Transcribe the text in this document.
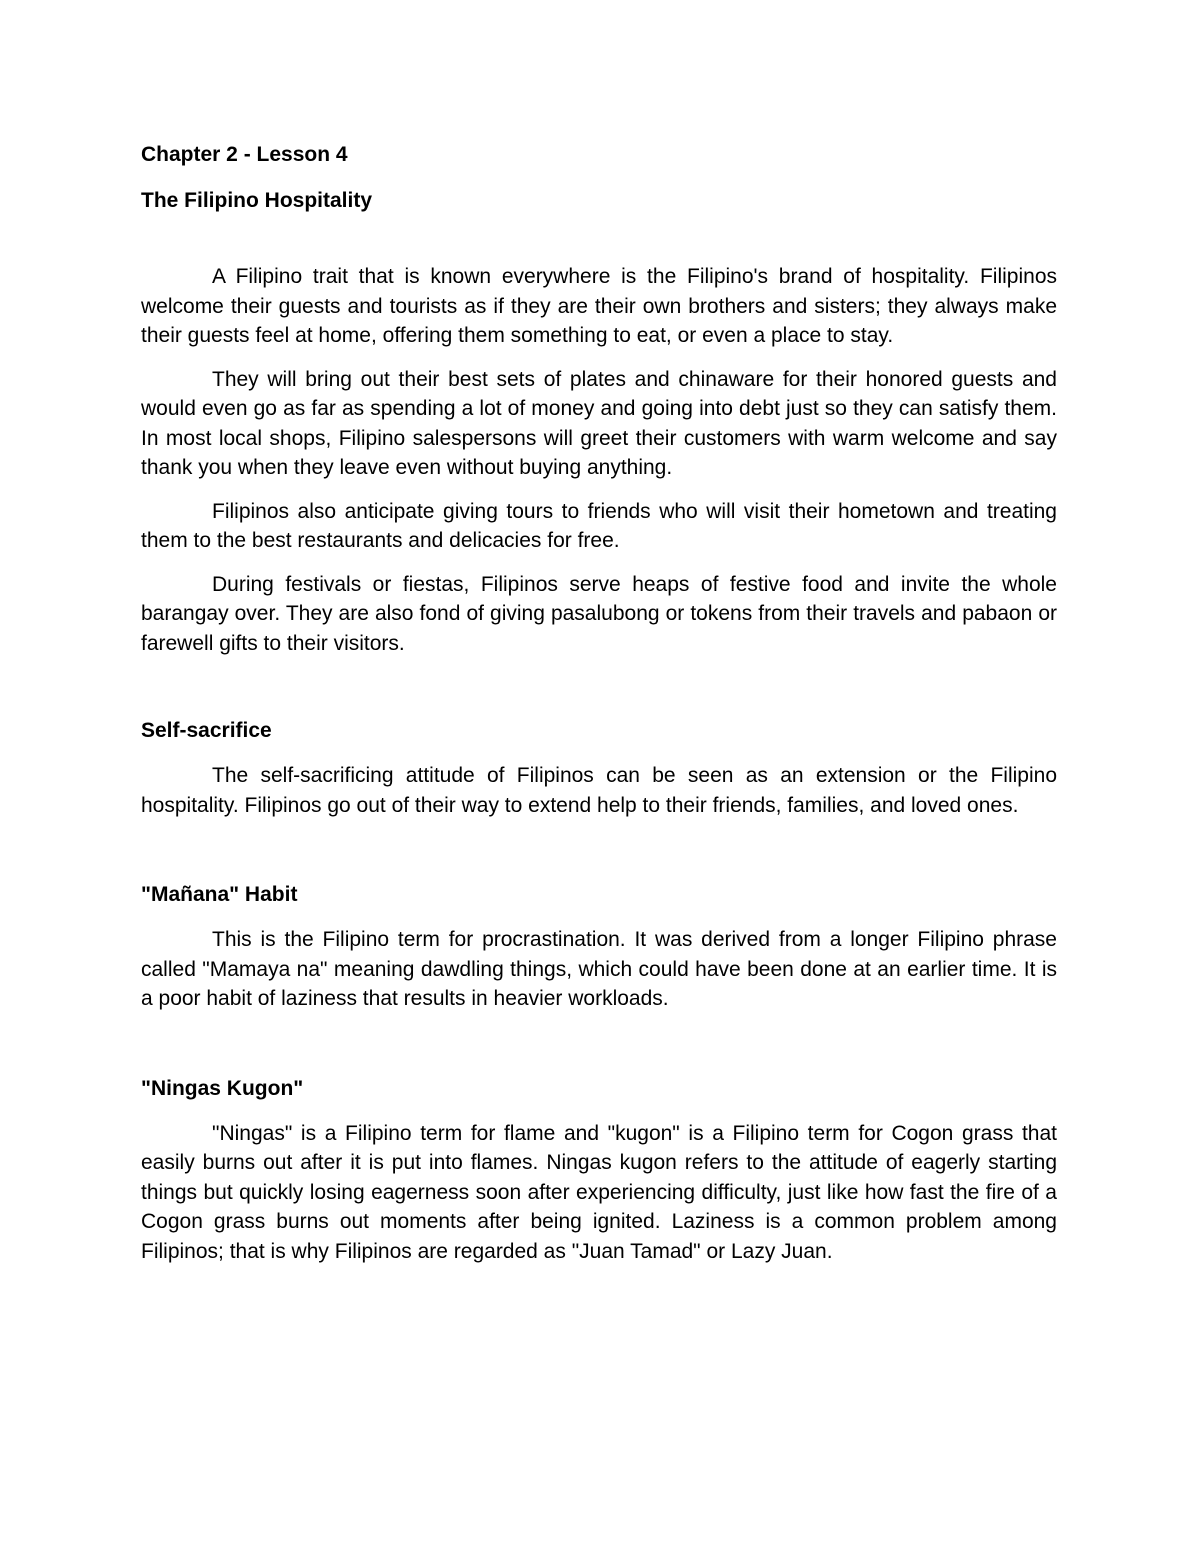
Chapter 2 - Lesson 4
The Filipino Hospitality

A Filipino trait that is known everywhere is the Filipino's brand of hospitality. Filipinos welcome their guests and tourists as if they are their own brothers and sisters; they always make their guests feel at home, offering them something to eat, or even a place to stay.

They will bring out their best sets of plates and chinaware for their honored guests and would even go as far as spending a lot of money and going into debt just so they can satisfy them. In most local shops, Filipino salespersons will greet their customers with warm welcome and say thank you when they leave even without buying anything.

Filipinos also anticipate giving tours to friends who will visit their hometown and treating them to the best restaurants and delicacies for free.

During festivals or fiestas, Filipinos serve heaps of festive food and invite the whole barangay over. They are also fond of giving pasalubong or tokens from their travels and pabaon or farewell gifts to their visitors.

Self-sacrifice

The self-sacrificing attitude of Filipinos can be seen as an extension or the Filipino hospitality. Filipinos go out of their way to extend help to their friends, families, and loved ones.

"Mañana" Habit

This is the Filipino term for procrastination. It was derived from a longer Filipino phrase called "Mamaya na" meaning dawdling things, which could have been done at an earlier time. It is a poor habit of laziness that results in heavier workloads.

"Ningas Kugon"

"Ningas" is a Filipino term for flame and "kugon" is a Filipino term for Cogon grass that easily burns out after it is put into flames. Ningas kugon refers to the attitude of eagerly starting things but quickly losing eagerness soon after experiencing difficulty, just like how fast the fire of a Cogon grass burns out moments after being ignited. Laziness is a common problem among Filipinos; that is why Filipinos are regarded as "Juan Tamad" or Lazy Juan.
